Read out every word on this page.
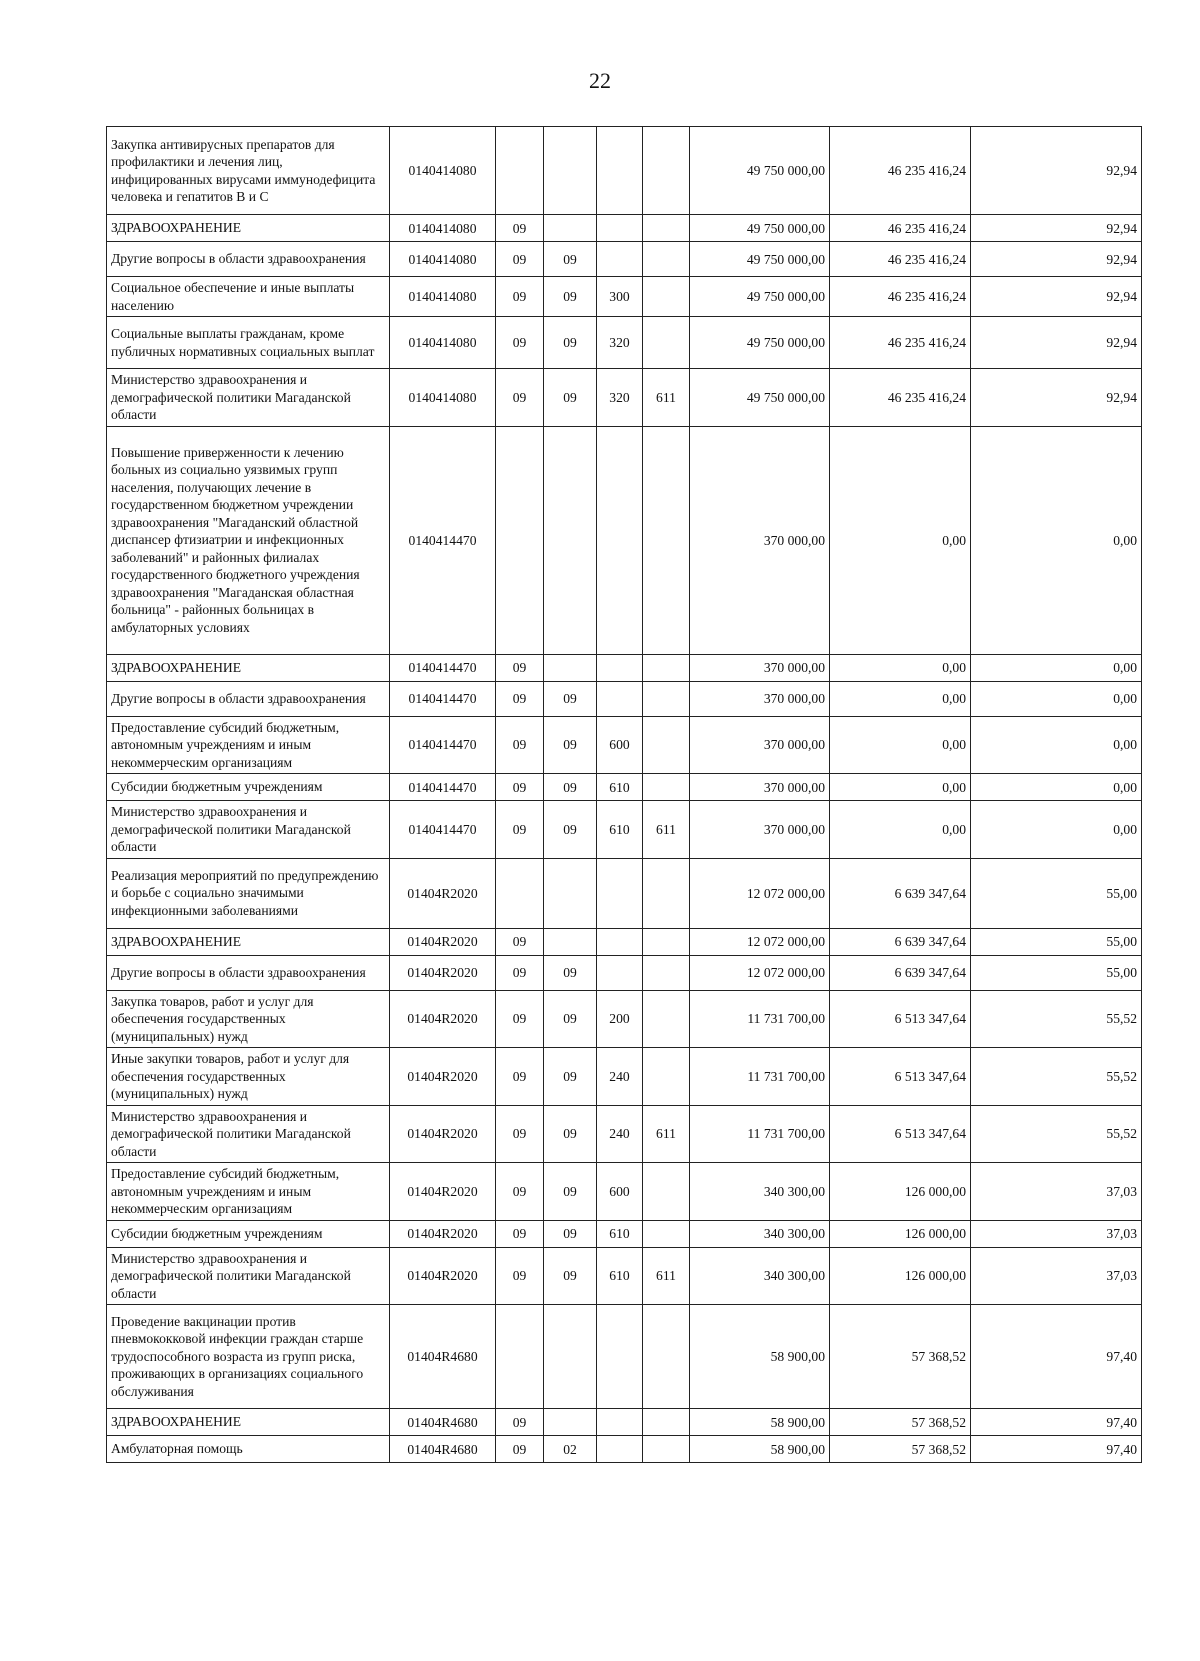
22
Закупка антивирусных препаратов для профилактики и лечения лиц, инфицированных вирусами иммунодефицита человека и гепатитов В и С	0140414080					49 750 000,00	46 235 416,24	92,94
ЗДРАВООХРАНЕНИЕ	0140414080	09				49 750 000,00	46 235 416,24	92,94
Другие вопросы в области здравоохранения	0140414080	09	09			49 750 000,00	46 235 416,24	92,94
Социальное обеспечение и иные выплаты населению	0140414080	09	09	300		49 750 000,00	46 235 416,24	92,94
Социальные выплаты гражданам, кроме публичных нормативных социальных выплат	0140414080	09	09	320		49 750 000,00	46 235 416,24	92,94
Министерство здравоохранения и демографической политики Магаданской области	0140414080	09	09	320	611	49 750 000,00	46 235 416,24	92,94
Повышение приверженности к лечению больных из социально уязвимых групп населения, получающих лечение в государственном бюджетном учреждении здравоохранения "Магаданский областной диспансер фтизиатрии и инфекционных заболеваний" и районных филиалах государственного бюджетного учреждения здравоохранения "Магаданская областная больница" - районных больницах в амбулаторных условиях	0140414470					370 000,00	0,00	0,00
ЗДРАВООХРАНЕНИЕ	0140414470	09				370 000,00	0,00	0,00
Другие вопросы в области здравоохранения	0140414470	09	09			370 000,00	0,00	0,00
Предоставление субсидий бюджетным, автономным учреждениям и иным некоммерческим организациям	0140414470	09	09	600		370 000,00	0,00	0,00
Субсидии бюджетным учреждениям	0140414470	09	09	610		370 000,00	0,00	0,00
Министерство здравоохранения и демографической политики Магаданской области	0140414470	09	09	610	611	370 000,00	0,00	0,00
Реализация мероприятий по предупреждению и борьбе с социально значимыми инфекционными заболеваниями	01404R2020					12 072 000,00	6 639 347,64	55,00
ЗДРАВООХРАНЕНИЕ	01404R2020	09				12 072 000,00	6 639 347,64	55,00
Другие вопросы в области здравоохранения	01404R2020	09	09			12 072 000,00	6 639 347,64	55,00
Закупка товаров, работ и услуг для обеспечения государственных (муниципальных) нужд	01404R2020	09	09	200		11 731 700,00	6 513 347,64	55,52
Иные закупки товаров, работ и услуг для обеспечения государственных (муниципальных) нужд	01404R2020	09	09	240		11 731 700,00	6 513 347,64	55,52
Министерство здравоохранения и демографической политики Магаданской области	01404R2020	09	09	240	611	11 731 700,00	6 513 347,64	55,52
Предоставление субсидий бюджетным, автономным учреждениям и иным некоммерческим организациям	01404R2020	09	09	600		340 300,00	126 000,00	37,03
Субсидии бюджетным учреждениям	01404R2020	09	09	610		340 300,00	126 000,00	37,03
Министерство здравоохранения и демографической политики Магаданской области	01404R2020	09	09	610	611	340 300,00	126 000,00	37,03
Проведение вакцинации против пневмококковой инфекции граждан старше трудоспособного возраста из групп риска, проживающих в организациях социального обслуживания	01404R4680					58 900,00	57 368,52	97,40
ЗДРАВООХРАНЕНИЕ	01404R4680	09				58 900,00	57 368,52	97,40
Амбулаторная помощь	01404R4680	09	02			58 900,00	57 368,52	97,40
